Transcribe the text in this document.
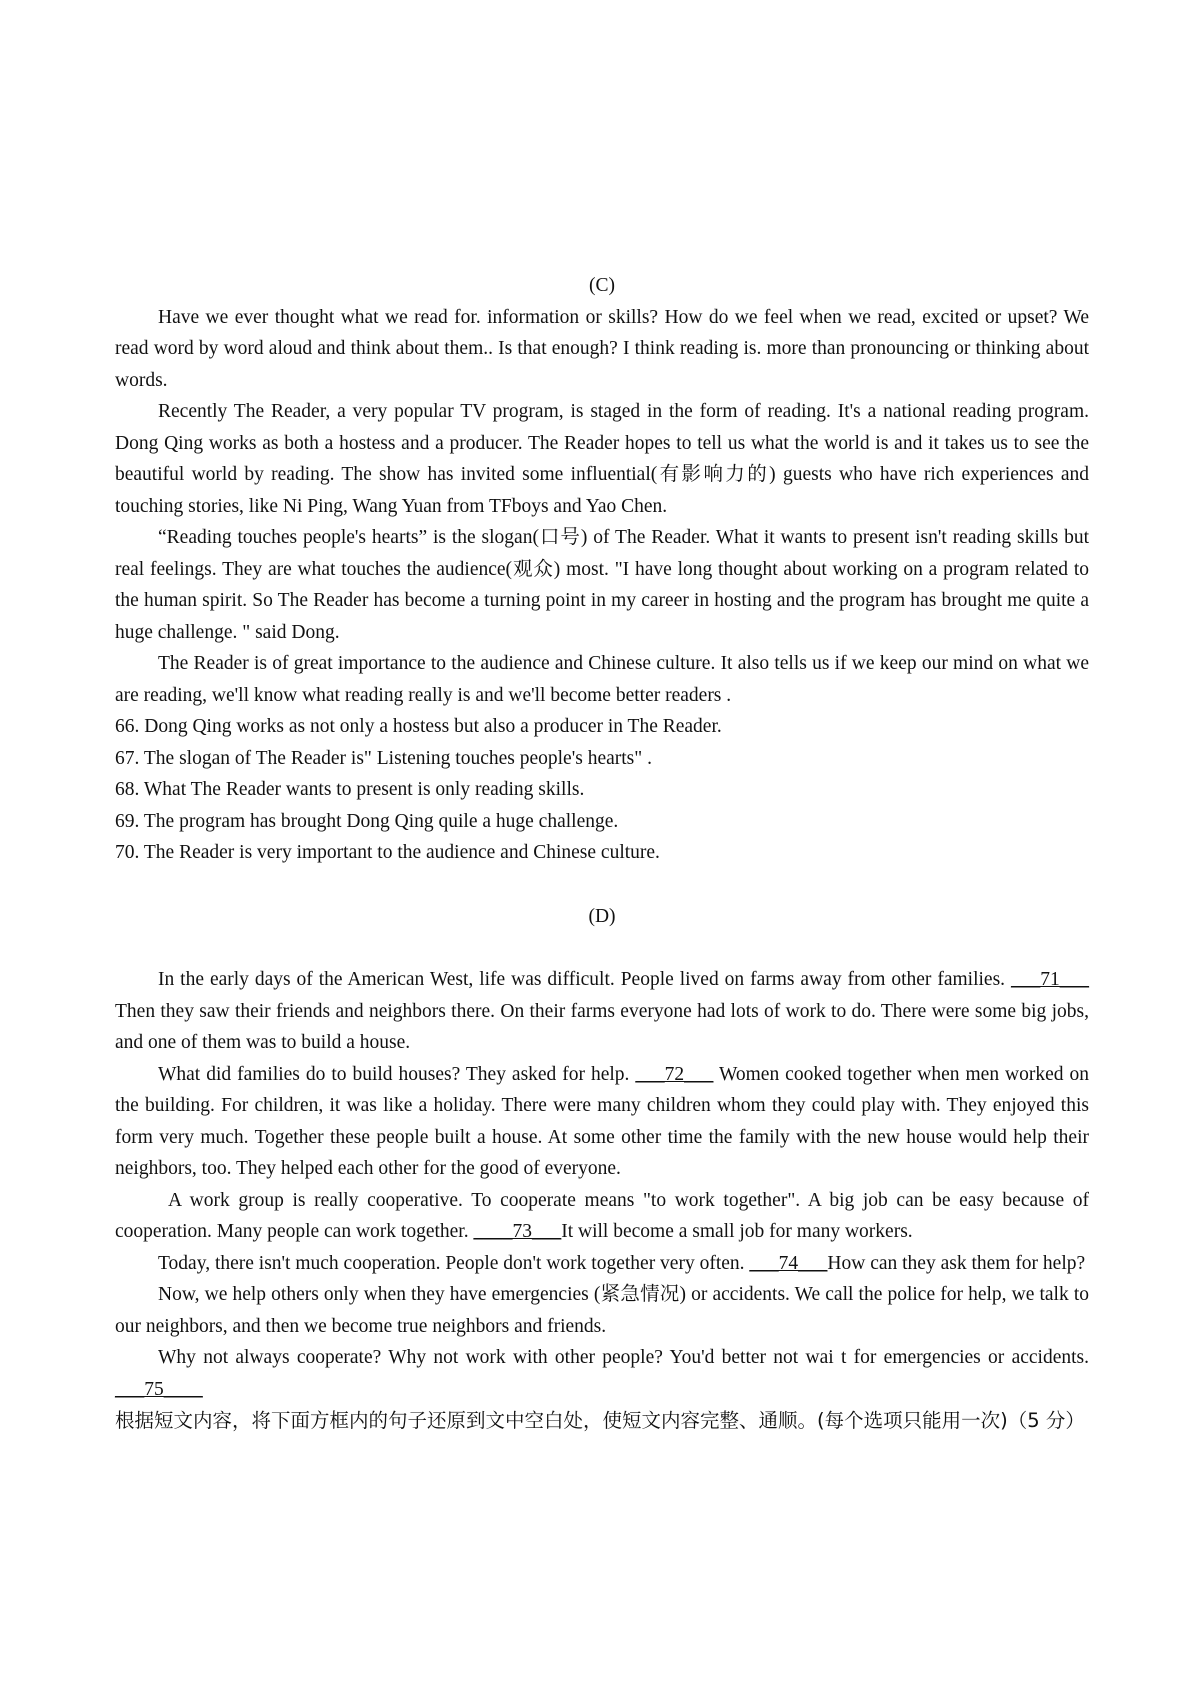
(C)

Have we ever thought what we read for. information or skills? How do we feel when we read, excited or upset? We read word by word aloud and think about them.. Is that enough? I think reading is. more than pronouncing or thinking about words.

Recently The Reader, a very popular TV program, is staged in the form of reading. It's a national reading program. Dong Qing works as both a hostess and a producer. The Reader hopes to tell us what the world is and it takes us to see the beautiful world by reading. The show has invited some influential(有影响力的) guests who have rich experiences and touching stories, like Ni Ping, Wang Yuan from TFboys and Yao Chen.

“Reading touches people's hearts” is the slogan(口号) of The Reader. What it wants to present isn't reading skills but real feelings. They are what touches the audience(观众) most. "I have long thought about working on a program related to the human spirit. So The Reader has become a turning point in my career in hosting and the program has brought me quite a huge challenge. " said Dong.

The Reader is of great importance to the audience and Chinese culture. It also tells us if we keep our mind on what we are reading, we'll know what reading really is and we'll become better readers .

66. Dong Qing works as not only a hostess but also a producer in The Reader.

67. The slogan of The Reader is" Listening touches people's hearts" .

68. What The Reader wants to present is only reading skills.

69. The program has brought Dong Qing quile a huge challenge.

70. The Reader is very important to the audience and Chinese culture.

(D)

In the early days of the American West, life was difficult. People lived on farms away from other families. ___71___ Then they saw their friends and neighbors there. On their farms everyone had lots of work to do. There were some big jobs, and one of them was to build a house.

What did families do to build houses? They asked for help. ___72___ Women cooked together when men worked on the building. For children, it was like a holiday. There were many children whom they could play with. They enjoyed this form very much. Together these people built a house. At some other time the family with the new house would help their neighbors, too. They helped each other for the good of everyone.

A work group is really cooperative. To cooperate means "to work together". A big job can be easy because of cooperation. Many people can work together. ____73___It will become a small job for many workers.

Today, there isn't much cooperation. People don't work together very often. ___74___How can they ask them for help?

Now, we help others only when they have emergencies (紧急情况) or accidents. We call the police for help, we talk to our neighbors, and then we become true neighbors and friends.

Why not always cooperate? Why not work with other people? You'd better not wai t for emergencies or accidents. ___75____

根据短文内容，将下面方框内的句子还原到文中空白处，使短文内容完整、通顺。(每个选项只能用一次)（5 分）
